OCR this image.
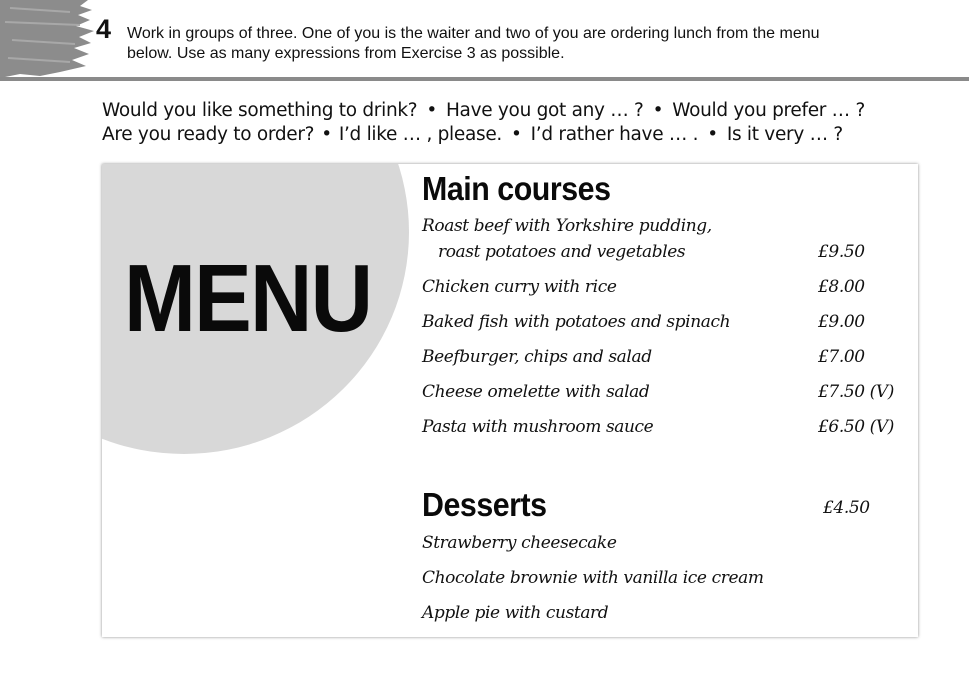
4 Work in groups of three. One of you is the waiter and two of you are ordering lunch from the menu
below. Use as many expressions from Exercise 3 as possible.
Would you like something to drink? • Have you got any … ? • Would you prefer … ?
Are you ready to order? • I’d like … , please. • I’d rather have … . • Is it very … ?
MENU
Main courses
Roast beef with Yorkshire pudding,
roast potatoes and vegetables	£9.50
Chicken curry with rice	£8.00
Baked fish with potatoes and spinach	£9.00
Beefburger, chips and salad	£7.00
Cheese omelette with salad	£7.50 (V)
Pasta with mushroom sauce	£6.50 (V)
Desserts	£4.50
Strawberry cheesecake
Chocolate brownie with vanilla ice cream
Apple pie with custard
